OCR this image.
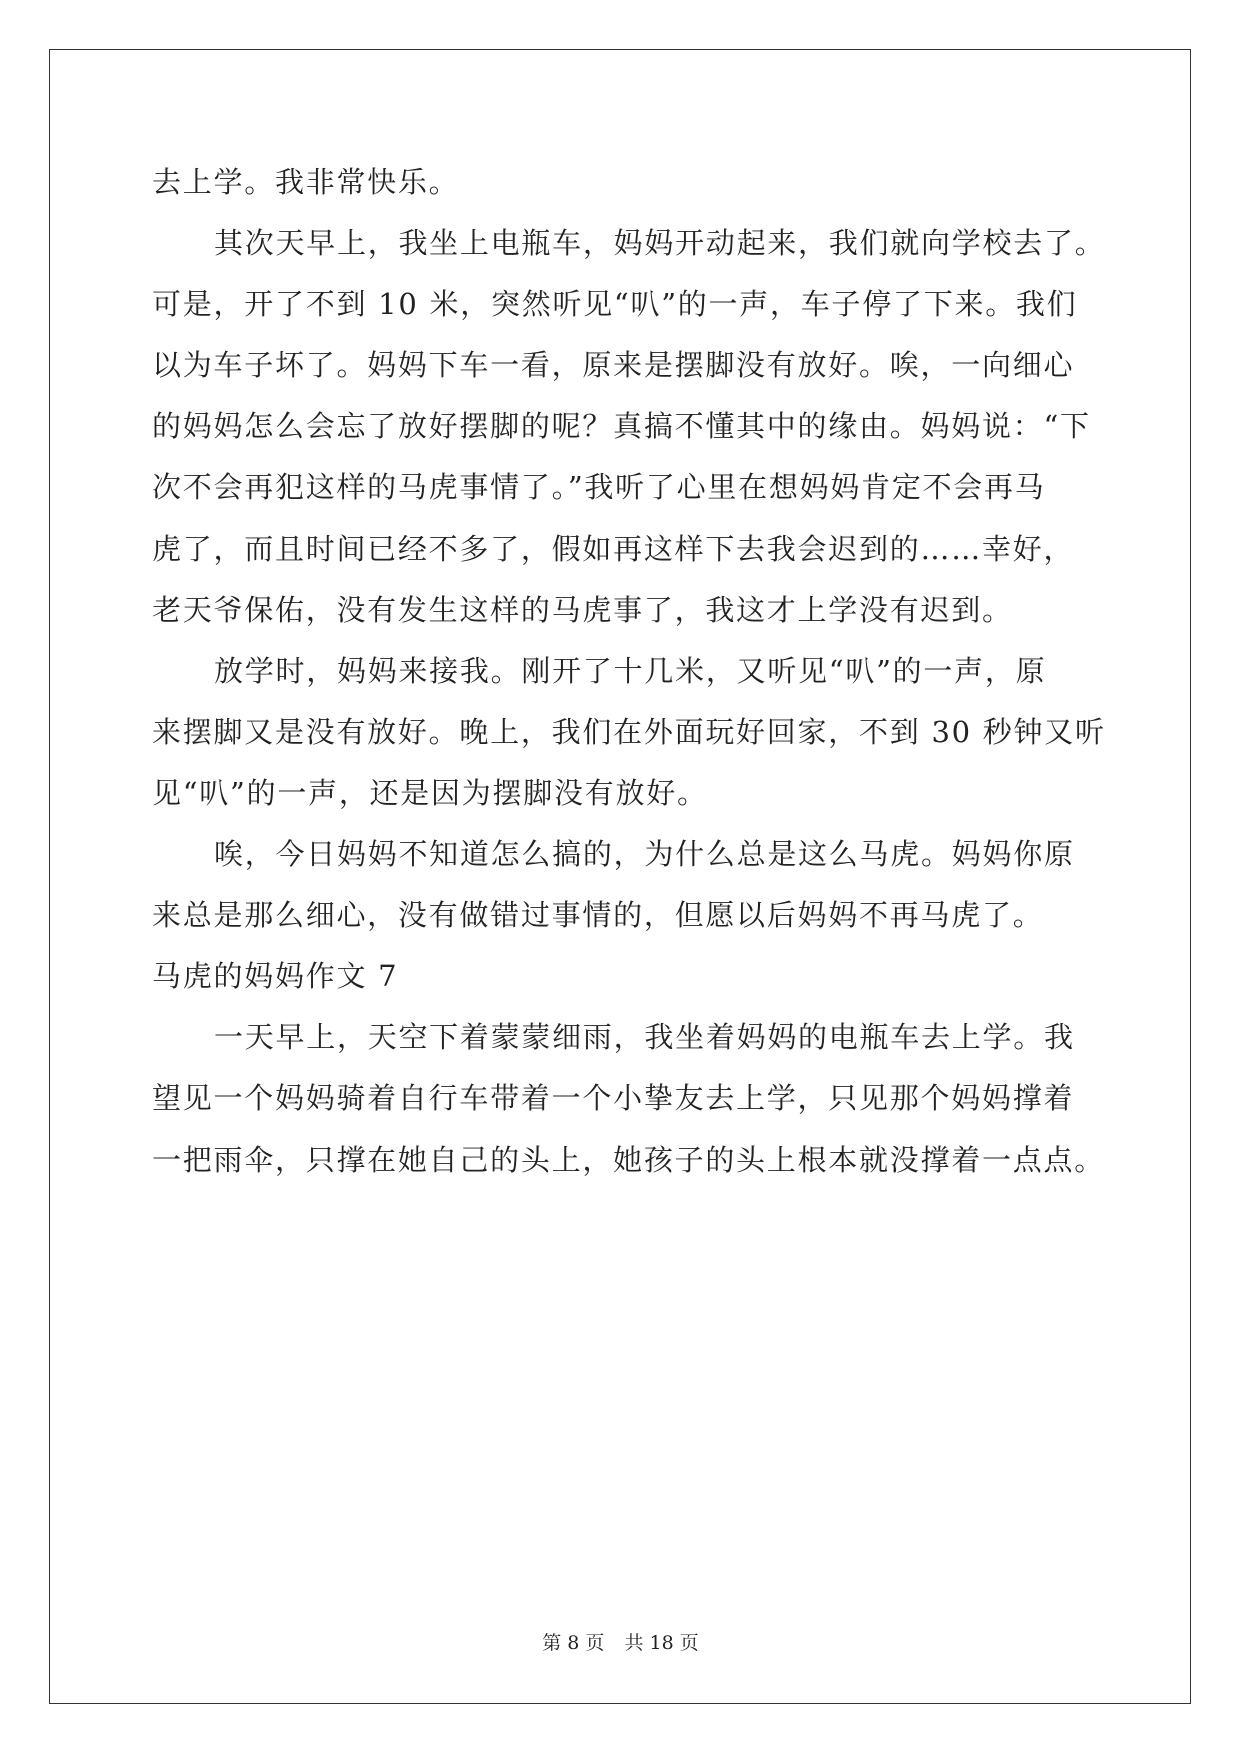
去上学。我非常快乐。
其次天早上，我坐上电瓶车，妈妈开动起来，我们就向学校去了。
可是，开了不到 10 米，突然听见“叭”的一声，车子停了下来。我们
以为车子坏了。妈妈下车一看，原来是摆脚没有放好。唉，一向细心
的妈妈怎么会忘了放好摆脚的呢？真搞不懂其中的缘由。妈妈说：“下
次不会再犯这样的马虎事情了。”我听了心里在想妈妈肯定不会再马
虎了，而且时间已经不多了，假如再这样下去我会迟到的……幸好，
老天爷保佑，没有发生这样的马虎事了，我这才上学没有迟到。
放学时，妈妈来接我。刚开了十几米，又听见“叭”的一声，原
来摆脚又是没有放好。晚上，我们在外面玩好回家，不到 30 秒钟又听
见“叭”的一声，还是因为摆脚没有放好。
唉，今日妈妈不知道怎么搞的，为什么总是这么马虎。妈妈你原
来总是那么细心，没有做错过事情的，但愿以后妈妈不再马虎了。
马虎的妈妈作文 7
一天早上，天空下着蒙蒙细雨，我坐着妈妈的电瓶车去上学。我
望见一个妈妈骑着自行车带着一个小挚友去上学，只见那个妈妈撑着
一把雨伞，只撑在她自己的头上，她孩子的头上根本就没撑着一点点。
第 8 页 共 18 页
